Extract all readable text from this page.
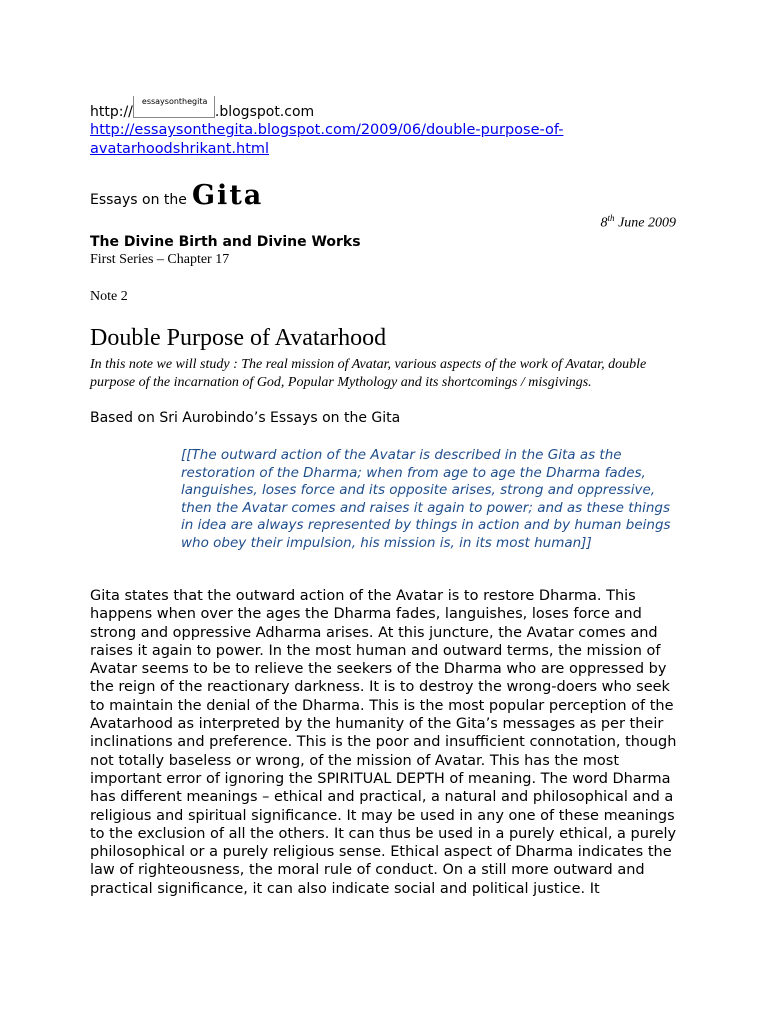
http://essaysonthegita.blogspot.com
http://essaysonthegita.blogspot.com/2009/06/double-purpose-of-
avatarhoodshrikant.html
Essays on the Gita
8th June 2009
The Divine Birth and Divine Works
First Series – Chapter 17
Note 2
Double Purpose of Avatarhood
In this note we will study : The real mission of Avatar, various aspects of the work of Avatar, double purpose of the incarnation of God, Popular Mythology and its shortcomings / misgivings.
Based on Sri Aurobindo’s Essays on the Gita
[[The outward action of the Avatar is described in the Gita as the restoration of the Dharma; when from age to age the Dharma fades, languishes, loses force and its opposite arises, strong and oppressive, then the Avatar comes and raises it again to power; and as these things in idea are always represented by things in action and by human beings who obey their impulsion, his mission is, in its most human]]
Gita states that the outward action of the Avatar is to restore Dharma. This happens when over the ages the Dharma fades, languishes, loses force and strong and oppressive Adharma arises. At this juncture, the Avatar comes and raises it again to power. In the most human and outward terms, the mission of Avatar seems to be to relieve the seekers of the Dharma who are oppressed by the reign of the reactionary darkness. It is to destroy the wrong-doers who seek to maintain the denial of the Dharma. This is the most popular perception of the Avatarhood as interpreted by the humanity of the Gita’s messages as per their inclinations and preference. This is the poor and insufficient connotation, though not totally baseless or wrong, of the mission of Avatar. This has the most important error of ignoring the SPIRITUAL DEPTH of meaning. The word Dharma has different meanings – ethical and practical, a natural and philosophical and a religious and spiritual significance. It may be used in any one of these meanings to the exclusion of all the others. It can thus be used in a purely ethical, a purely philosophical or a purely religious sense. Ethical aspect of Dharma indicates the law of righteousness, the moral rule of conduct. On a still more outward and practical significance, it can also indicate social and political justice. It
